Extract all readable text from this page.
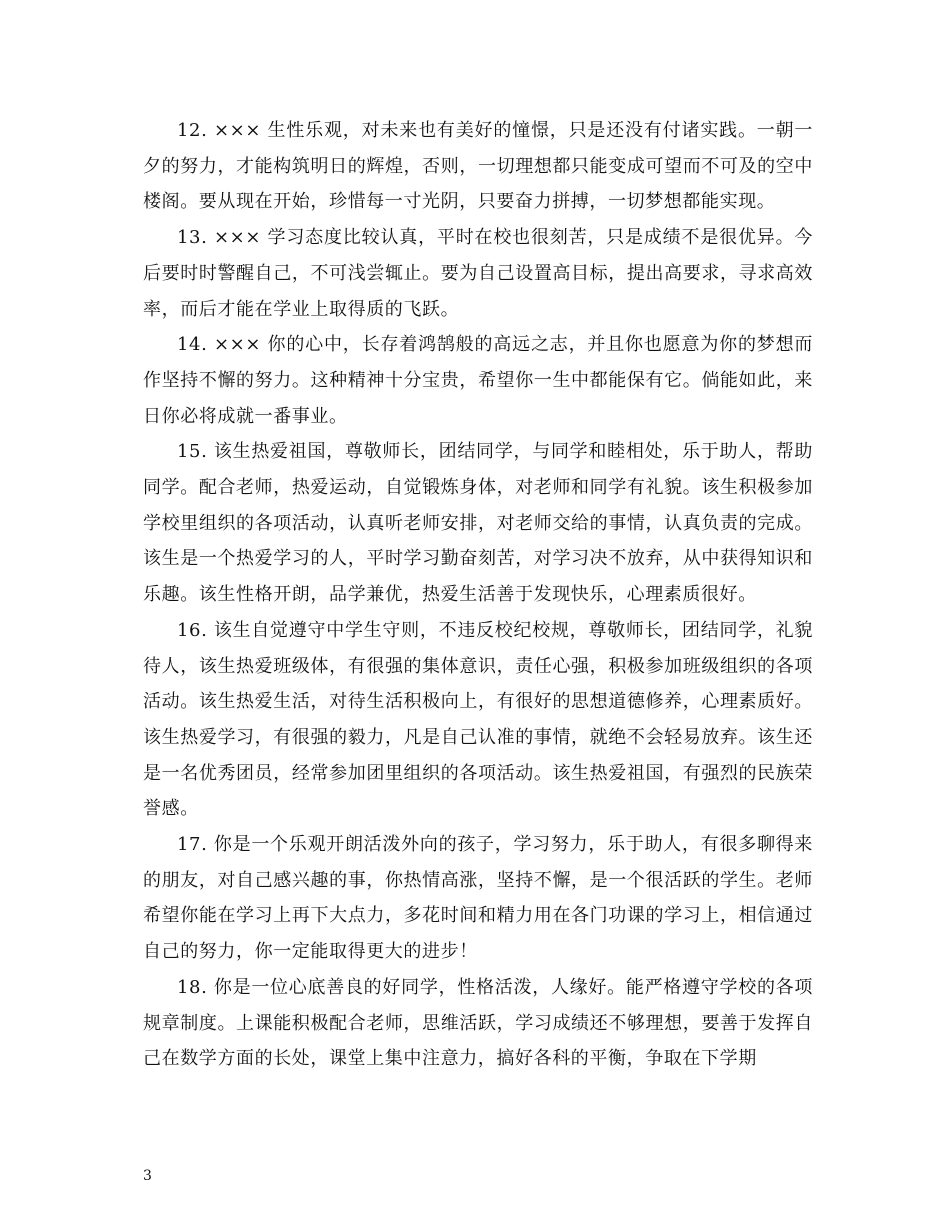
12. ××× 生性乐观，对未来也有美好的憧憬，只是还没有付诸实践。一朝一夕的努力，才能构筑明日的辉煌，否则，一切理想都只能变成可望而不可及的空中楼阁。要从现在开始，珍惜每一寸光阴，只要奋力拼搏，一切梦想都能实现。

13. ××× 学习态度比较认真，平时在校也很刻苦，只是成绩不是很优异。今后要时时警醒自己，不可浅尝辄止。要为自己设置高目标，提出高要求，寻求高效率，而后才能在学业上取得质的飞跃。

14. ××× 你的心中，长存着鸿鹄般的高远之志，并且你也愿意为你的梦想而作坚持不懈的努力。这种精神十分宝贵，希望你一生中都能保有它。倘能如此，来日你必将成就一番事业。

15. 该生热爱祖国，尊敬师长，团结同学，与同学和睦相处，乐于助人，帮助同学。配合老师，热爱运动，自觉锻炼身体，对老师和同学有礼貌。该生积极参加学校里组织的各项活动，认真听老师安排，对老师交给的事情，认真负责的完成。该生是一个热爱学习的人，平时学习勤奋刻苦，对学习决不放弃，从中获得知识和乐趣。该生性格开朗，品学兼优，热爱生活善于发现快乐，心理素质很好。

16. 该生自觉遵守中学生守则，不违反校纪校规，尊敬师长，团结同学，礼貌待人，该生热爱班级体，有很强的集体意识，责任心强，积极参加班级组织的各项活动。该生热爱生活，对待生活积极向上，有很好的思想道德修养，心理素质好。该生热爱学习，有很强的毅力，凡是自己认准的事情，就绝不会轻易放弃。该生还是一名优秀团员，经常参加团里组织的各项活动。该生热爱祖国，有强烈的民族荣誉感。

17. 你是一个乐观开朗活泼外向的孩子，学习努力，乐于助人，有很多聊得来的朋友，对自己感兴趣的事，你热情高涨，坚持不懈，是一个很活跃的学生。老师希望你能在学习上再下大点力，多花时间和精力用在各门功课的学习上，相信通过自己的努力，你一定能取得更大的进步！

18. 你是一位心底善良的好同学，性格活泼，人缘好。能严格遵守学校的各项规章制度。上课能积极配合老师，思维活跃，学习成绩还不够理想，要善于发挥自己在数学方面的长处，课堂上集中注意力，搞好各科的平衡，争取在下学期

3
